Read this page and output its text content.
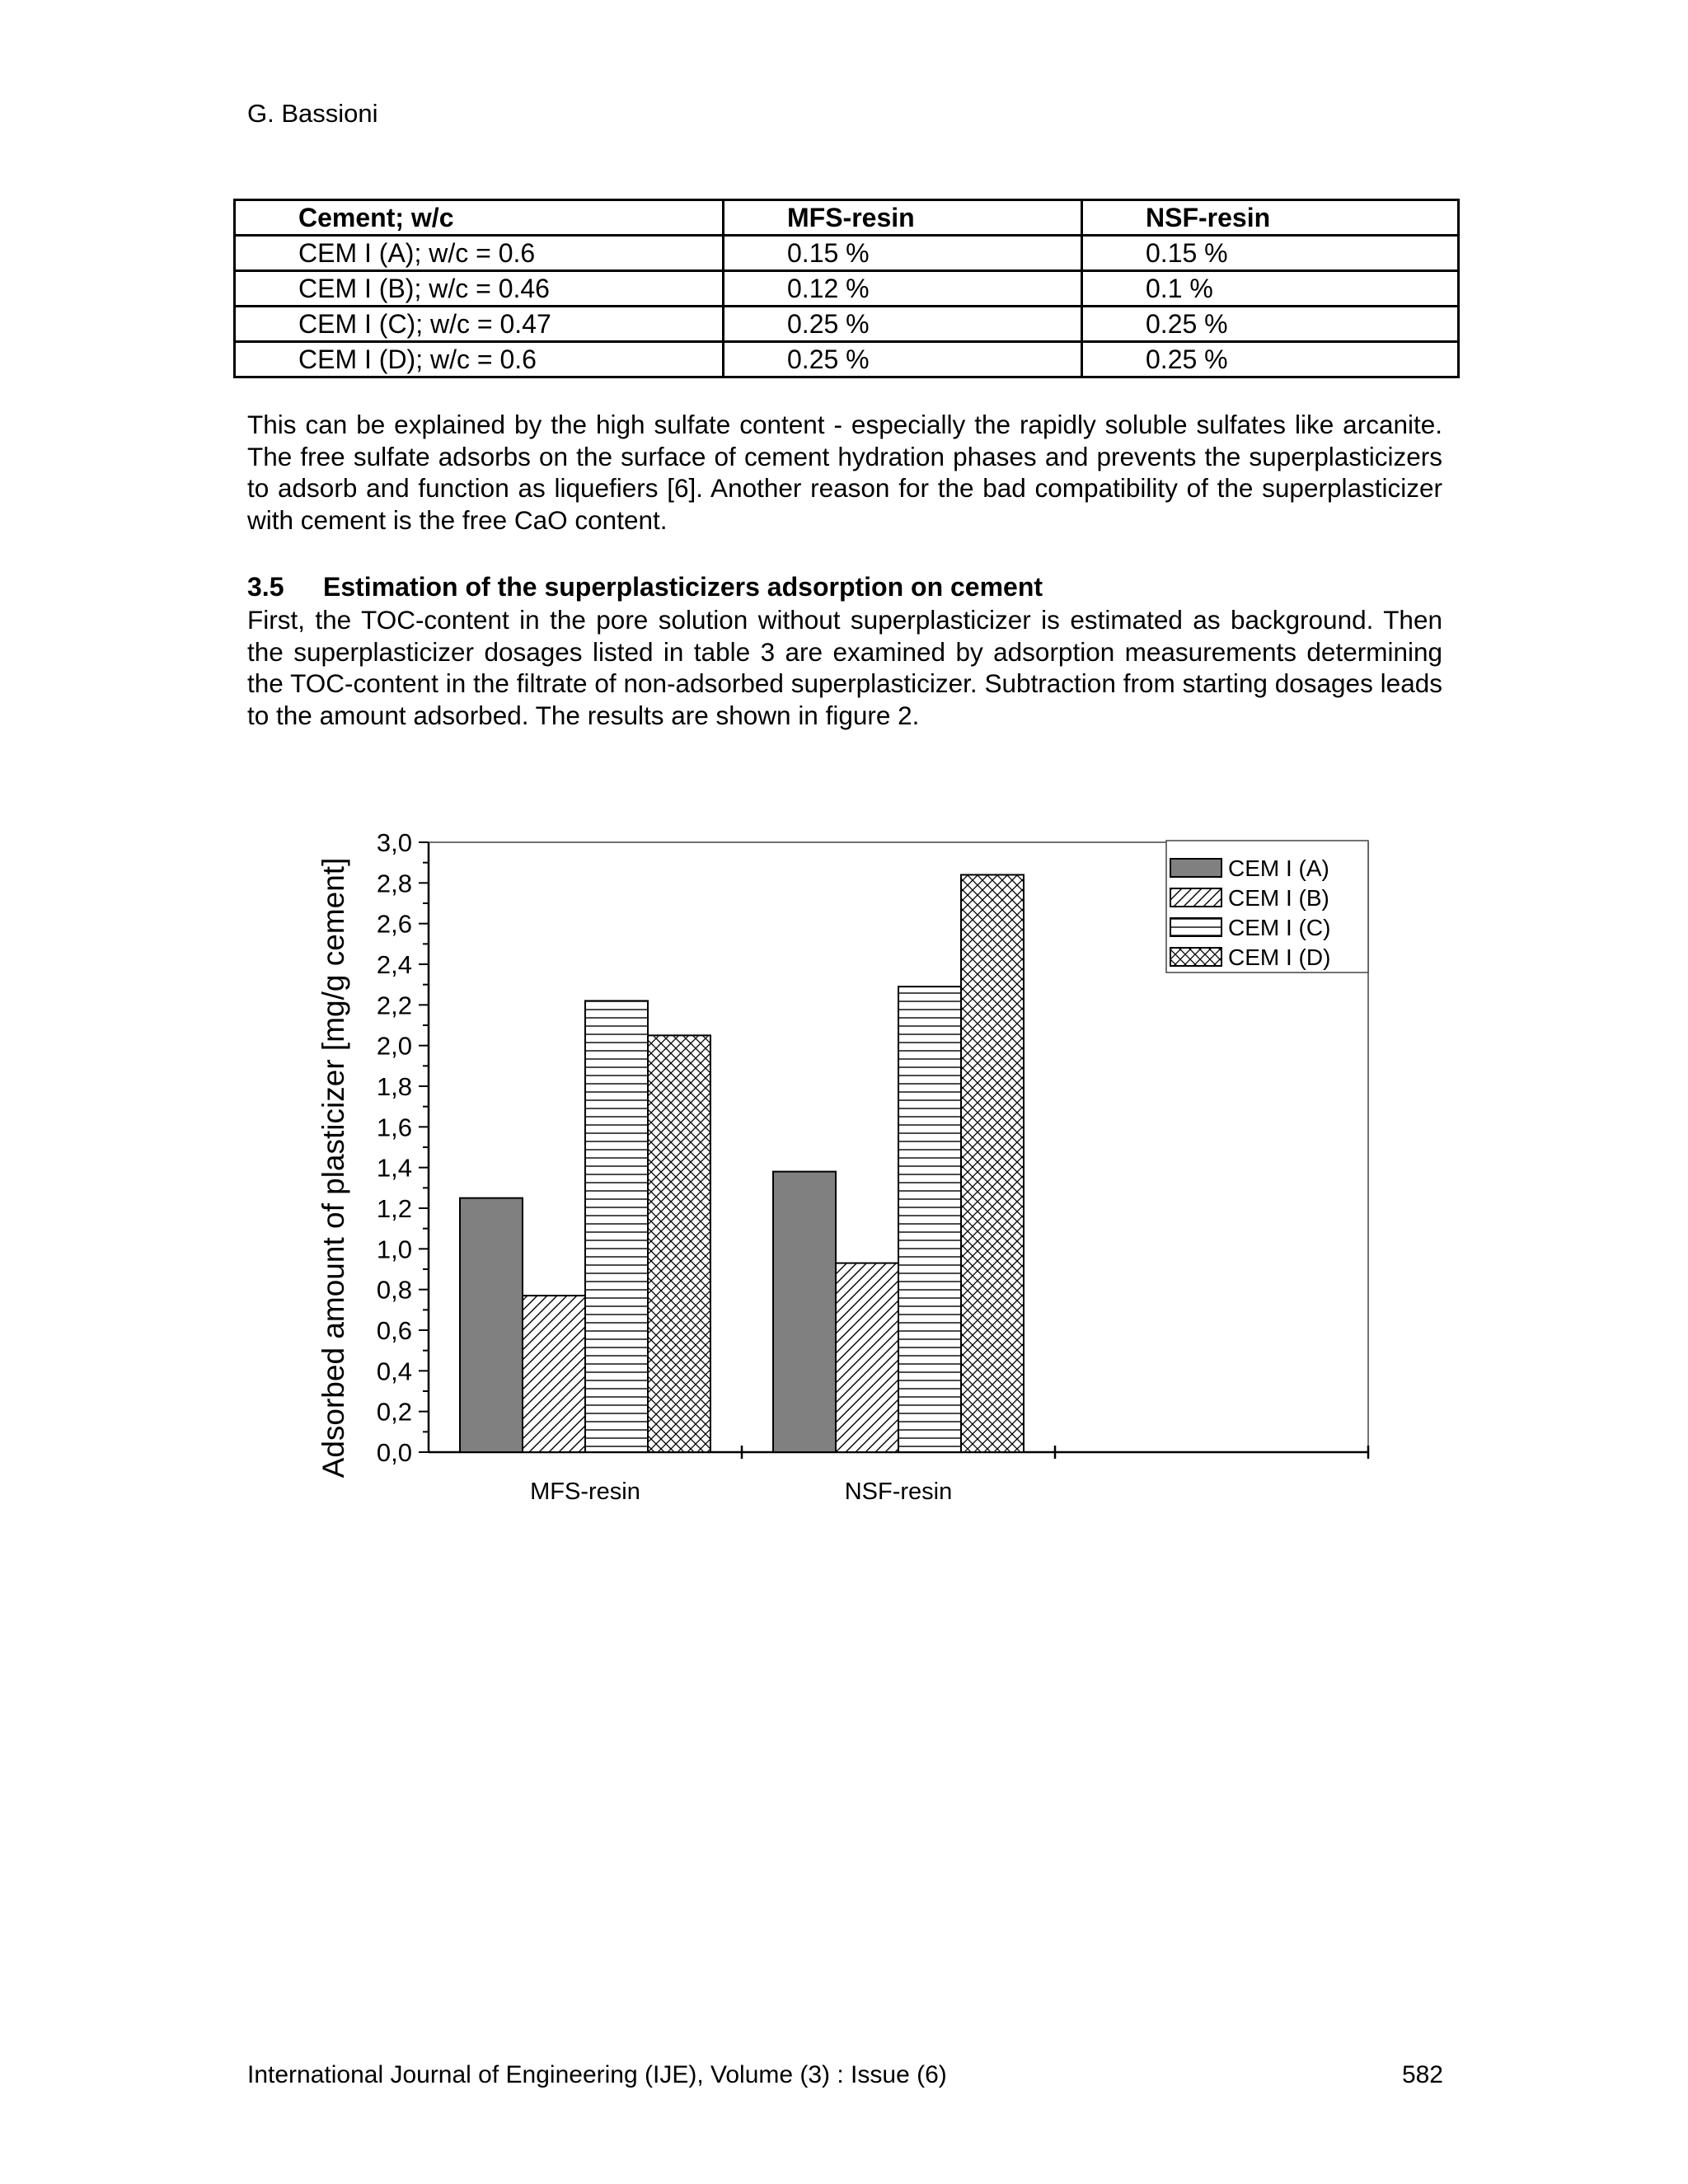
G. Bassioni
Cement; w/c	MFS-resin	NSF-resin
CEM I (A); w/c = 0.6	0.15 %	0.15 %
CEM I (B); w/c = 0.46	0.12 %	0.1 %
CEM I (C); w/c = 0.47	0.25 %	0.25 %
CEM I (D); w/c = 0.6	0.25 %	0.25 %

This can be explained by the high sulfate content - especially the rapidly soluble sulfates like arcanite. The free sulfate adsorbs on the surface of cement hydration phases and prevents the superplasticizers to adsorb and function as liquefiers [6]. Another reason for the bad compatibility of the superplasticizer with cement is the free CaO content.

3.5 Estimation of the superplasticizers adsorption on cement

First, the TOC-content in the pore solution without superplasticizer is estimated as background. Then the superplasticizer dosages listed in table 3 are examined by adsorption measurements determining the TOC-content in the filtrate of non-adsorbed superplasticizer. Subtraction from starting dosages leads to the amount adsorbed. The results are shown in figure 2.

0,0
0,2
0,4
0,6
0,8
1,0
1,2
1,4
1,6
1,8
2,0
2,2
2,4
2,6
2,8
3,0
Adsorbed amount of plasticizer [mg/g cement]
MFS-resin	NSF-resin
CEM I (A)
CEM I (B)
CEM I (C)
CEM I (D)
International Journal of Engineering (IJE), Volume (3) : Issue (6)	582
